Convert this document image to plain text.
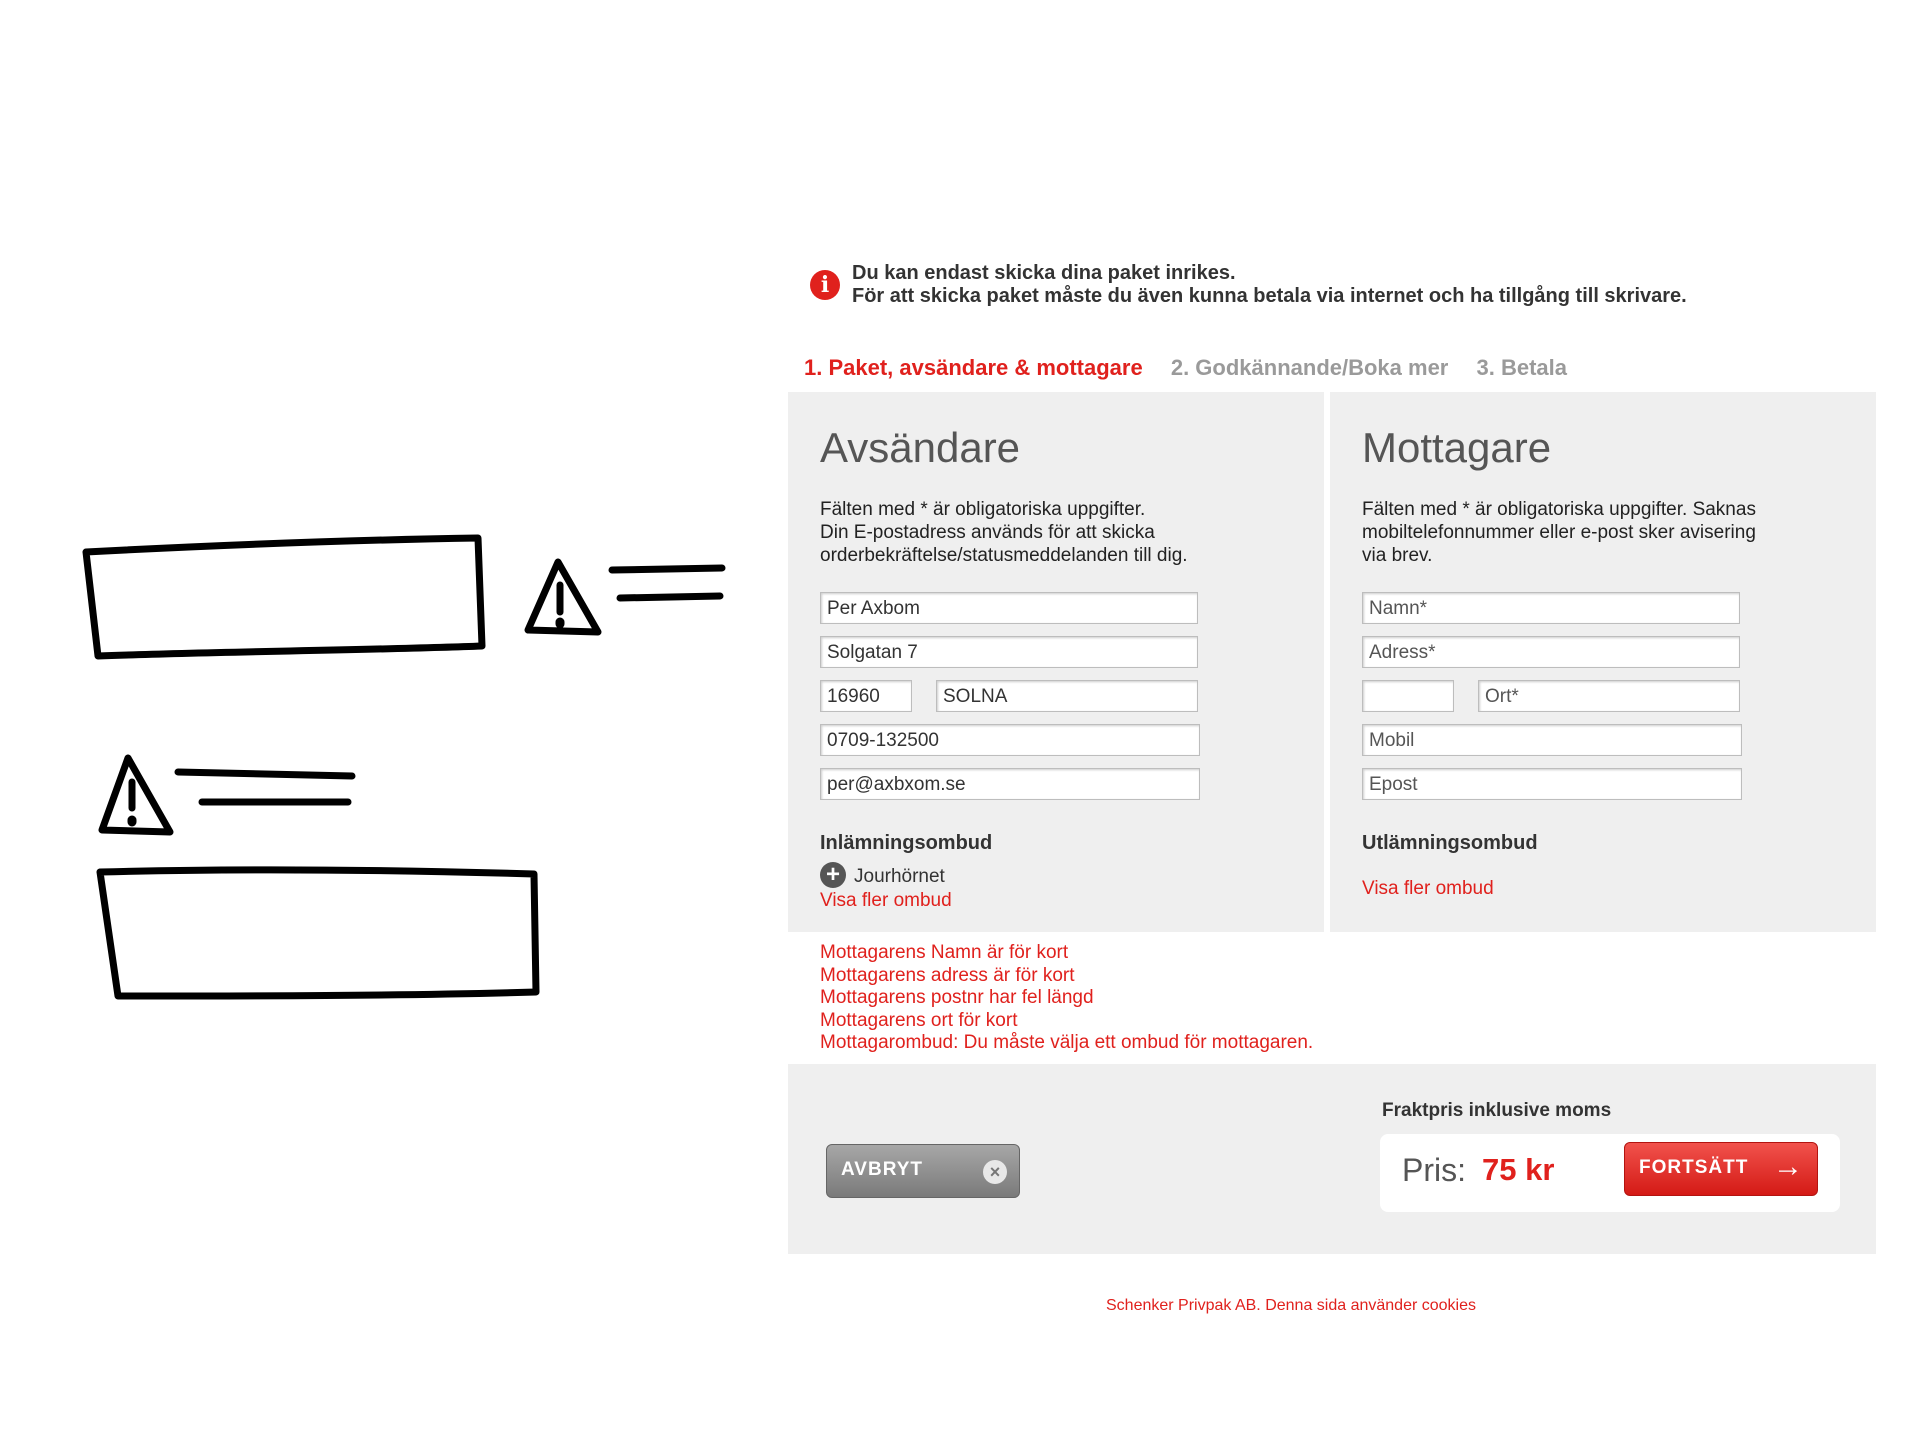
i	Du kan endast skicka dina paket inrikes.
För att skicka paket måste du även kunna betala via internet och ha tillgång till skrivare.
1. Paket, avsändare & mottagare 2. Godkännande/Boka mer 3. Betala
Avsändare
Fälten med * är obligatoriska uppgifter.
Din E-postadress används för att skicka
orderbekräftelse/statusmeddelanden till dig.
Per Axbom
Solgatan 7
16960	SOLNA
0709-132500
per@axbxom.se
Inlämningsombud
+ Jourhörnet
Visa fler ombud
Mottagare
Fälten med * är obligatoriska uppgifter. Saknas
mobiltelefonnummer eller e-post sker avisering
via brev.
Namn*
Adress*
Ort*
Mobil
Epost
Utlämningsombud
Visa fler ombud
Mottagarens Namn är för kort
Mottagarens adress är för kort
Mottagarens postnr har fel längd
Mottagarens ort för kort
Mottagarombud: Du måste välja ett ombud för mottagaren.
AVBRYT	×
Fraktpris inklusive moms
Pris: 75 kr	FORTSÄTT →
Schenker Privpak AB. Denna sida använder cookies
